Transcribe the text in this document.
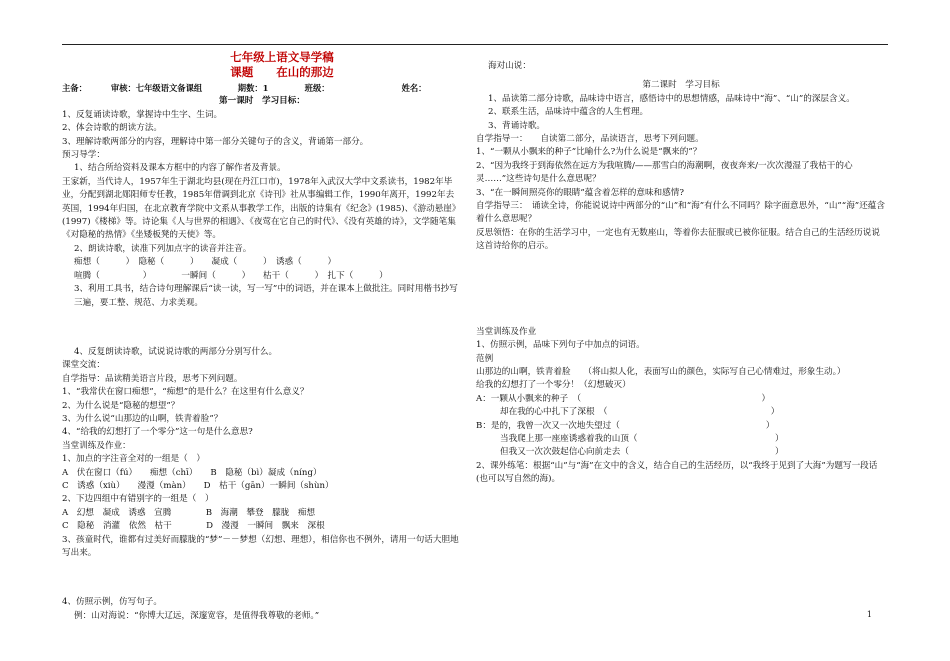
七年级上语文导学稿
课题　　在山的那边
主备：	审核：七年级语文备课组	期数：1	班级：	姓名：
第一课时　学习目标：
1、反复诵读诗歌，掌握诗中生字、生词。
2、体会诗歌的朗读方法。
3、理解诗歌两部分的内容，理解诗中第一部分关键句子的含义，背诵第一部分。
预习导学：
1、结合所给资料及课本方框中的内容了解作者及背景。
王家新，当代诗人，1957年生于湖北均县(现在丹江口市)，1978年入武汉大学中文系读书，1982年毕业，分配到湖北郧阳师专任教，1985年借调到北京《诗刊》社从事编辑工作，1990年离开，1992年去英国，1994年归国，在北京教育学院中文系从事教学工作，出版的诗集有《纪念》(1985)、《游动悬崖》(1997)《楼梯》等。诗论集《人与世界的相遇》、《夜莺在它自己的时代》、《没有英雄的诗》，文学随笔集《对隐秘的热情》《坐矮板凳的天使》等。
2、朗读诗歌，读准下列加点字的读音并注音。
痴想（　　　）　隐秘（　　　）　　凝成（　　　）　诱惑（　　　）
喧腾（　　　　　）　　　　一瞬间（　　　）　　枯干（　　　）　扎下（　　　）
3、利用工具书，结合诗句理解课后“读一读，写一写”中的词语，并在课本上做批注。同时用楷书抄写三遍，要工整、规范、力求美观。
4、反复朗读诗歌，试说说诗歌的两部分分别写什么。
课堂交流：
自学指导：品读精美语言片段，思考下列问题。
1、“我常伏在窗口痴想”，“痴想”的是什么？在这里有什么意义？
2、为什么说是“隐秘的想望”？
3、为什么说“山那边的山啊，铁青着脸”？
4、“给我的幻想打了一个零分”这一句是什么意思?
当堂训练及作业：
1、加点的字注音全对的一组是（　）
A　伏在窗口（fú）　　痴想（chī）　　B　隐秘（bì）凝成（níng）
C　诱惑（xiù）　　漫漫（màn）　　D　枯干（gān）一瞬间（shùn）
2、下边四组中有错别字的一组是（　）
A　幻想　凝成　诱惑　宣腾　　　　B　海潮　攀登　朦胧　痴想
C　隐秘　消灌　依然　枯干　　　　D　漫漫　一瞬间　飘来　深根
3、孩童时代，谁都有过美好而朦胧的“梦”－－梦想（幻想、理想），相信你也不例外，请用一句话大胆地写出来。
4、仿照示例，仿写句子。
例：山对海说：“你博大辽远，深邃宽容，是值得我尊敬的老师。”
海对山说：
第二课时　学习目标
1、品读第二部分诗歌，品味诗中语言，感悟诗中的思想情感，品味诗中“海”、“山”的深层含义。
2、联系生活，品味诗中蕴含的人生哲理。
3、背诵诗歌。
自学指导一：　　自读第二部分，品读语言，思考下列问题。
1、“一颗从小飘来的种子”比喻什么?为什么说是“飘来的”？
2、“因为我终于到海依然在远方为我喧腾/——那雪白的海潮啊，夜夜奔来/一次次漫湿了我枯干的心灵……”这些诗句是什么意思呢？
3、“在一瞬间照亮你的眼睛”蕴含着怎样的意味和感情?
自学指导三：　诵读全诗，你能说说诗中两部分的“山”和“海”有什么不同吗？除字面意思外，“山”“海”还蕴含着什么意思呢？
反思领悟：在你的生活学习中，一定也有无数座山，等着你去征服或已被你征服。结合自己的生活经历说说这首诗给你的启示。
当堂训练及作业
1、仿照示例，品味下列句子中加点的词语。
范例
山那边的山啊，铁青着脸　　（将山拟人化，表面写山的颜色，实际写自己心情难过，形象生动。）
给我的幻想打了一个零分！（幻想破灭）
A：一颗从小飘来的种子　（　　　　　　　　　　　　　　　　　　　　　）
却在我的心中扎下了深根　（　　　　　　　　　　　　　　　　　　　）
B：是的，我曾一次又一次地失望过（　　　　　　　　　　　　　　　　　）
当我爬上那一座座诱惑着我的山顶（　　　　　　　　　　　　　　　　）
但我又一次次鼓起信心向前走去（　　　　　　　　　　　　　　　　　）
2、课外练笔：根据“山”与“海”在文中的含义，结合自己的生活经历，以“我终于见到了大海”为题写一段话(也可以写自然的海)。
1
